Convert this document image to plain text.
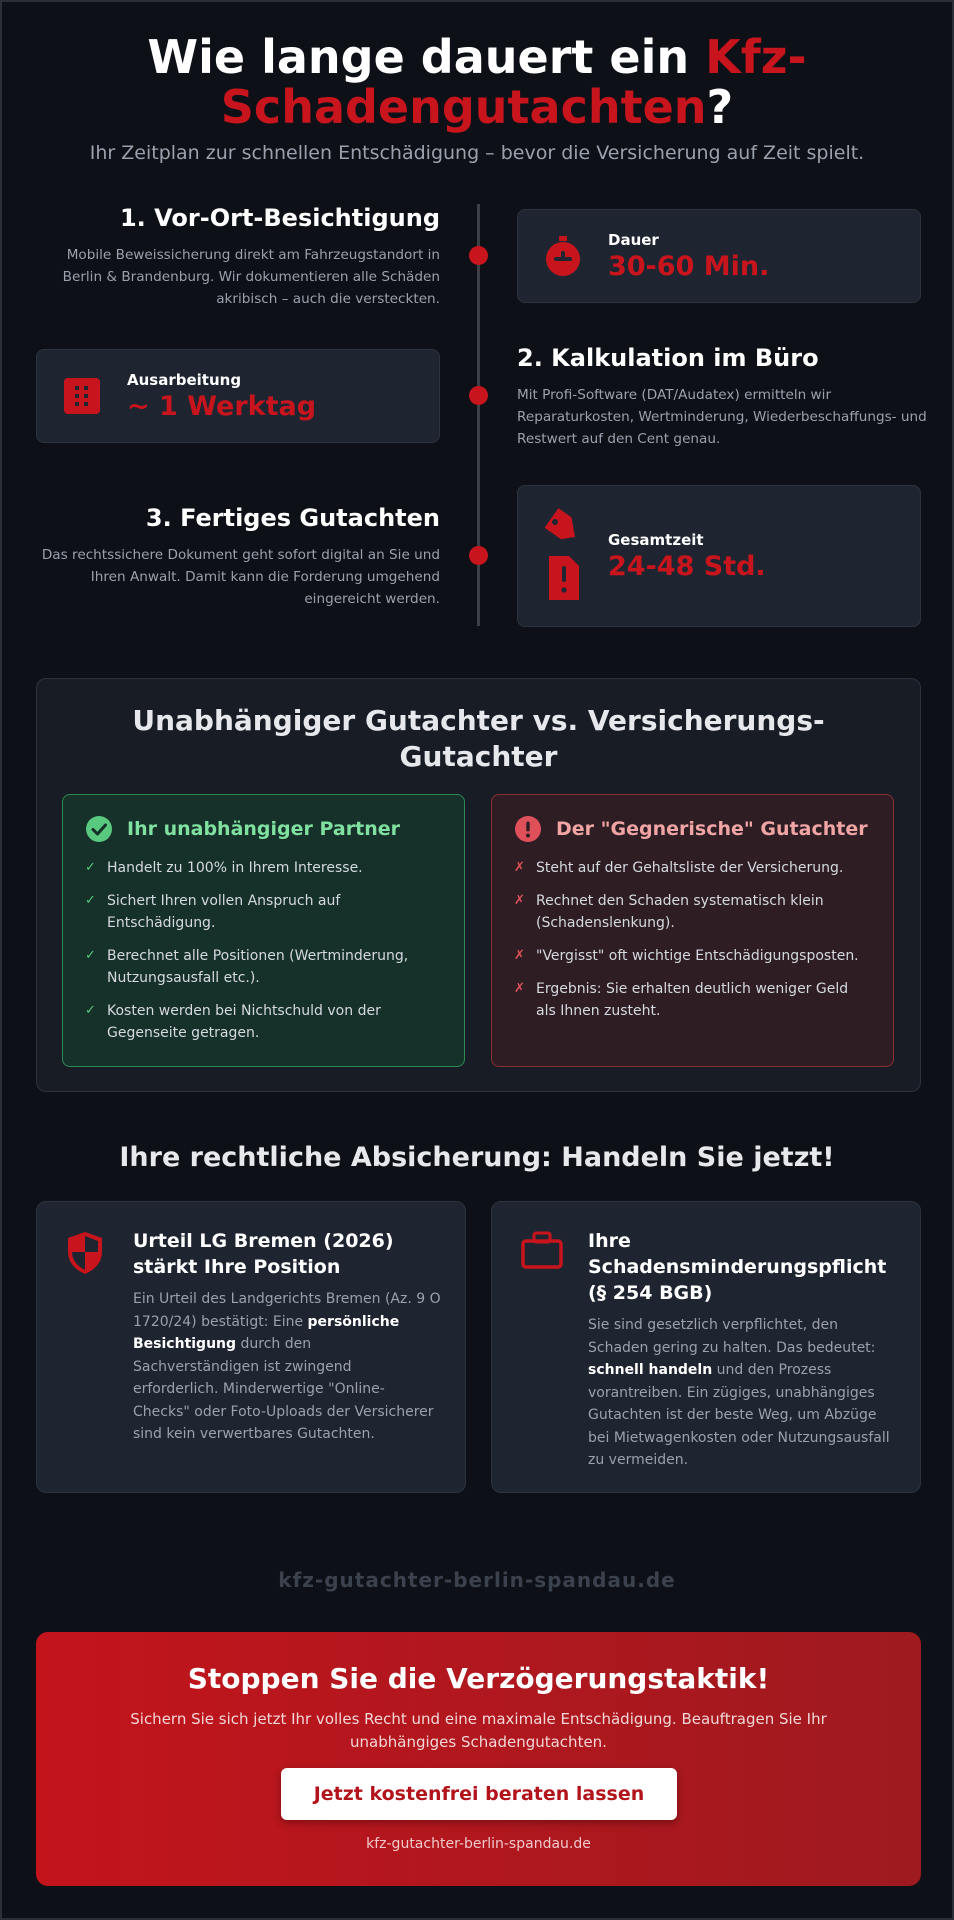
Wie lange dauert ein Kfz-Schadengutachten?

Ihr Zeitplan zur schnellen Entschädigung – bevor die Versicherung auf Zeit spielt.

1. Vor-Ort-Besichtigung
Mobile Beweissicherung direkt am Fahrzeugstandort in Berlin & Brandenburg. Wir dokumentieren alle Schäden akribisch – auch die versteckten.
Dauer
30-60 Min.
Ausarbeitung
~ 1 Werktag
2. Kalkulation im Büro
Mit Profi-Software (DAT/Audatex) ermitteln wir Reparaturkosten, Wertminderung, Wiederbeschaffungs- und Restwert auf den Cent genau.
3. Fertiges Gutachten
Das rechtssichere Dokument geht sofort digital an Sie und Ihren Anwalt. Damit kann die Forderung umgehend eingereicht werden.
Gesamtzeit
24-48 Std.
Unabhängiger Gutachter vs. Versicherungs-Gutachter
Ihr unabhängiger Partner
✓ Handelt zu 100% in Ihrem Interesse.
✓ Sichert Ihren vollen Anspruch auf Entschädigung.
✓ Berechnet alle Positionen (Wertminderung, Nutzungsausfall etc.).
✓ Kosten werden bei Nichtschuld von der Gegenseite getragen.
Der "Gegnerische" Gutachter
✗ Steht auf der Gehaltsliste der Versicherung.
✗ Rechnet den Schaden systematisch klein (Schadenslenkung).
✗ "Vergisst" oft wichtige Entschädigungsposten.
✗ Ergebnis: Sie erhalten deutlich weniger Geld als Ihnen zusteht.
Ihre rechtliche Absicherung: Handeln Sie jetzt!
Urteil LG Bremen (2026) stärkt Ihre Position
Ein Urteil des Landgerichts Bremen (Az. 9 O 1720/24) bestätigt: Eine persönliche Besichtigung durch den Sachverständigen ist zwingend erforderlich. Minderwertige "Online-Checks" oder Foto-Uploads der Versicherer sind kein verwertbares Gutachten.
Ihre Schadensminderungspflicht (§ 254 BGB)
Sie sind gesetzlich verpflichtet, den Schaden gering zu halten. Das bedeutet: schnell handeln und den Prozess vorantreiben. Ein zügiges, unabhängiges Gutachten ist der beste Weg, um Abzüge bei Mietwagenkosten oder Nutzungsausfall zu vermeiden.
kfz-gutachter-berlin-spandau.de
Stoppen Sie die Verzögerungstaktik!
Sichern Sie sich jetzt Ihr volles Recht und eine maximale Entschädigung. Beauftragen Sie Ihr unabhängiges Schadengutachten.
Jetzt kostenfrei beraten lassen
kfz-gutachter-berlin-spandau.de
